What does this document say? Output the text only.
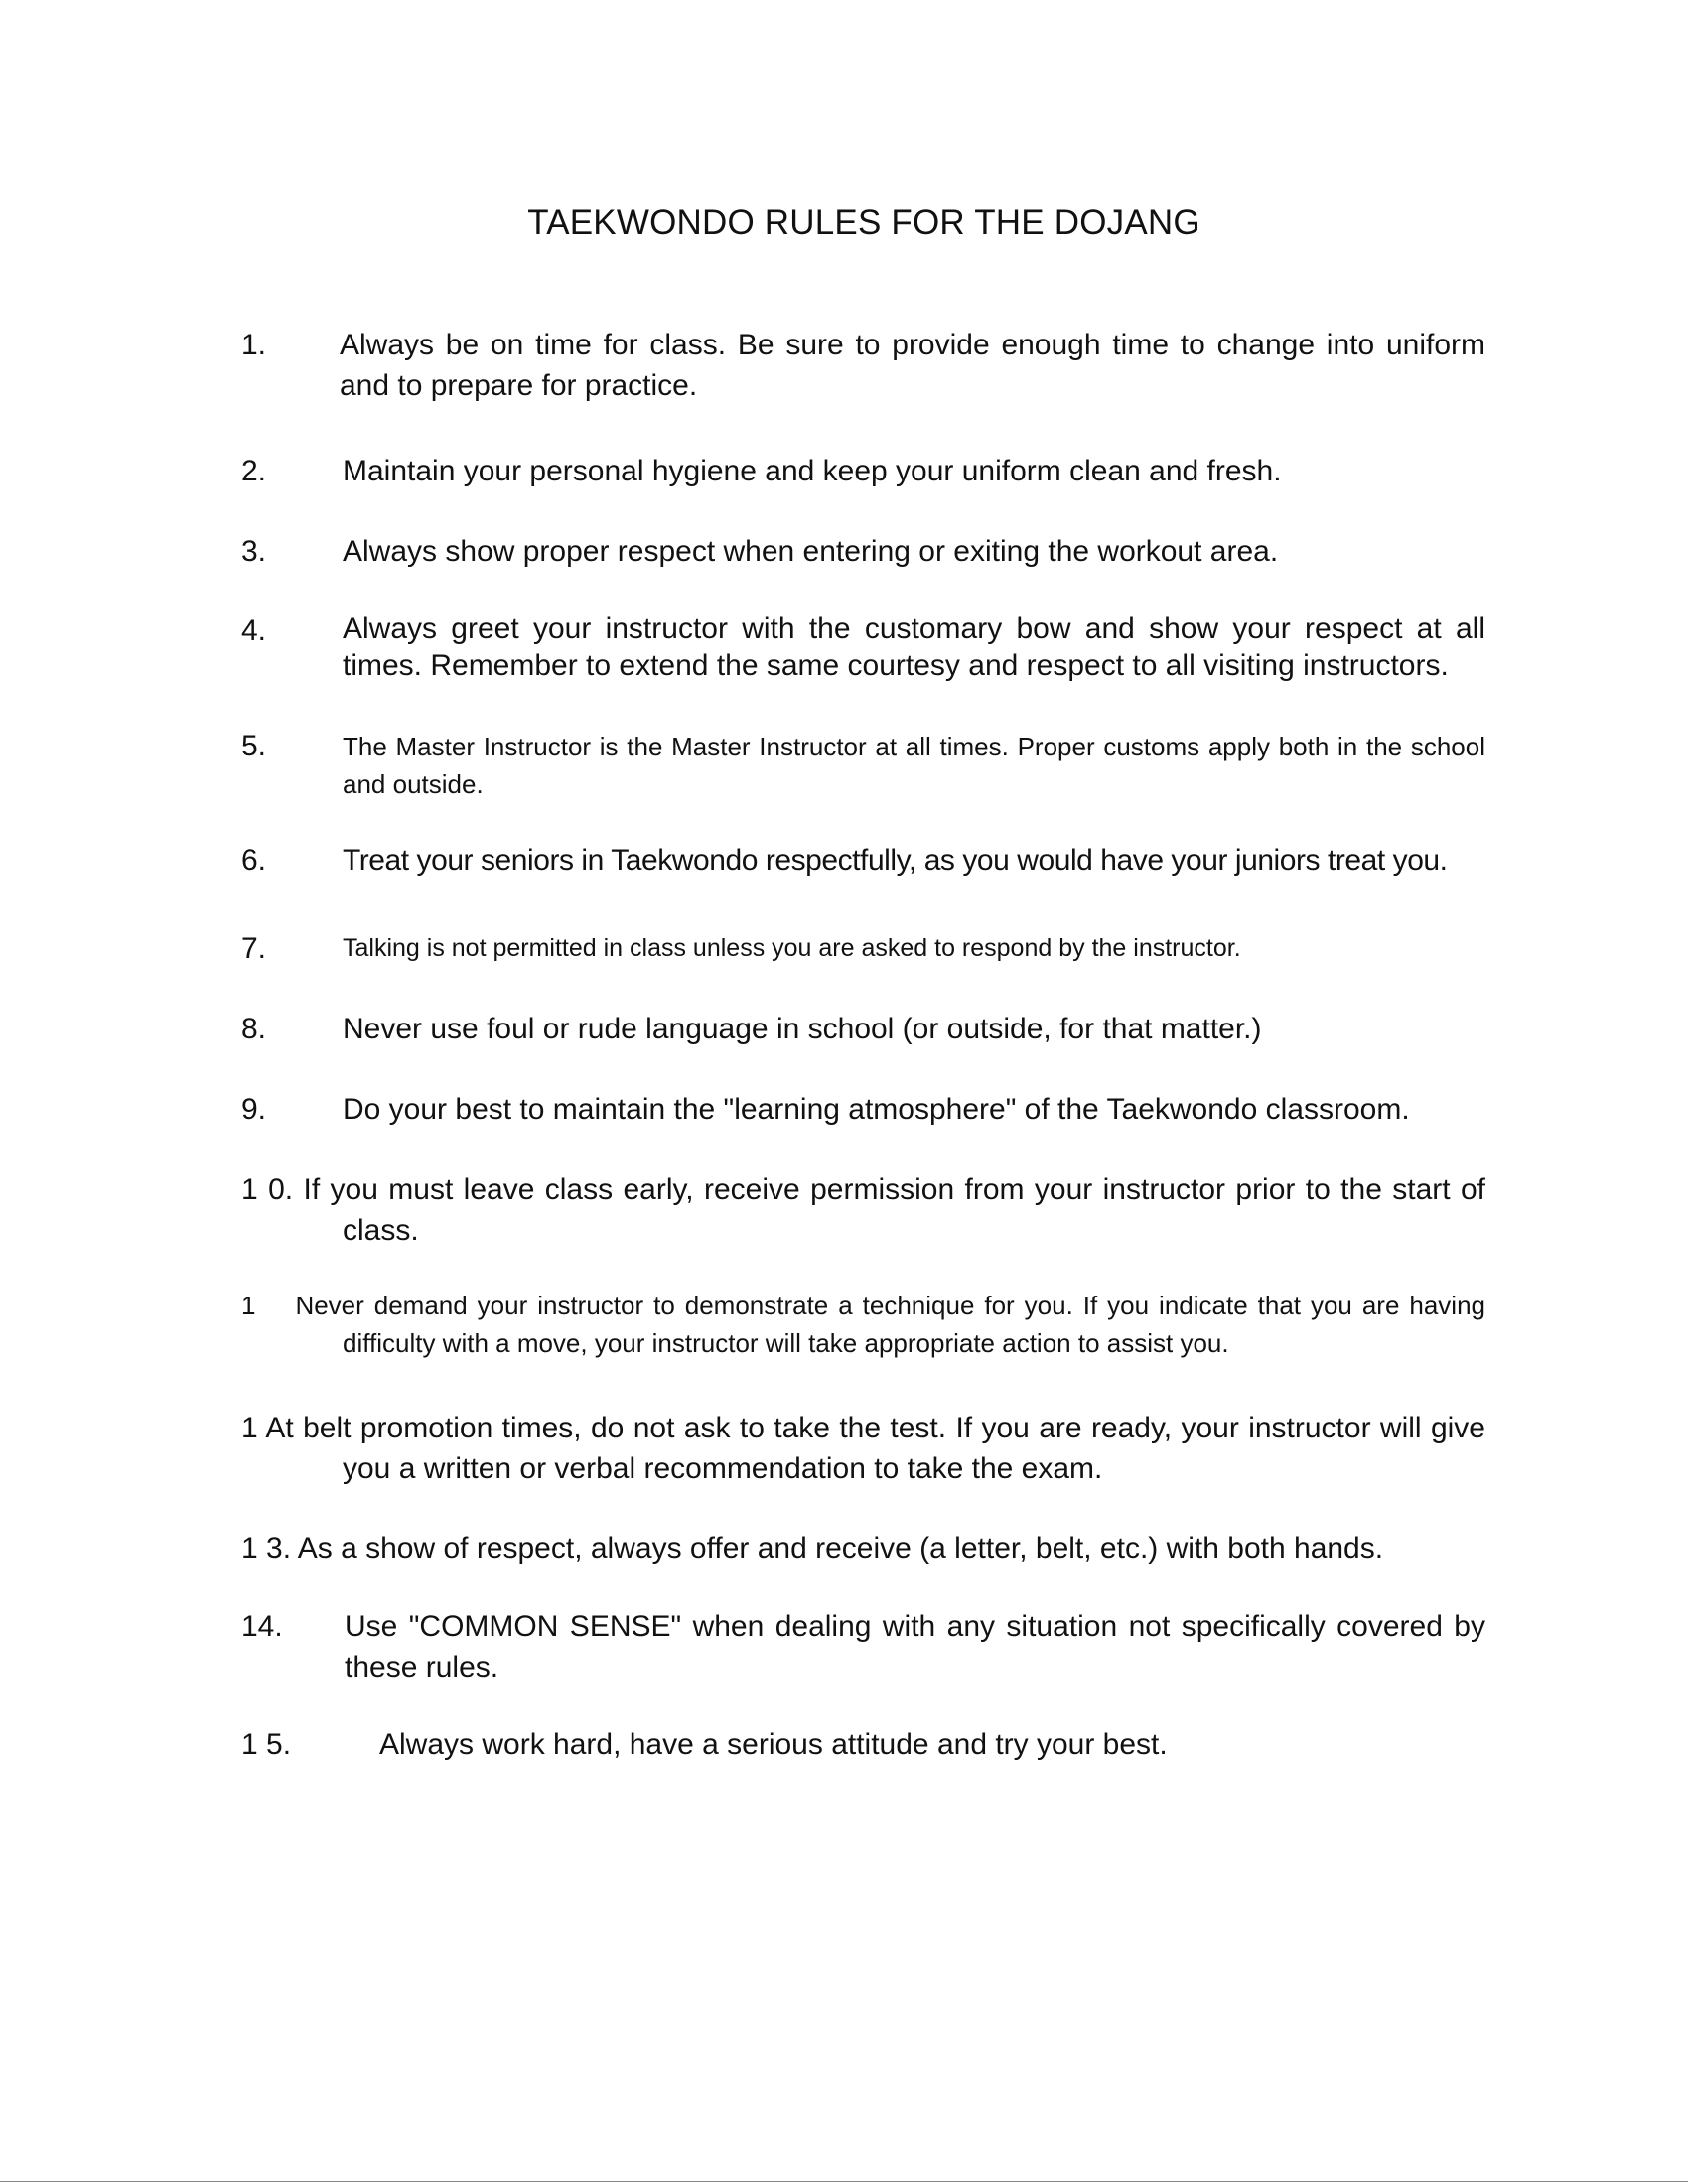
TAEKWONDO RULES FOR THE DOJANG
1.	Always be on time for class. Be sure to provide enough time to change into uniform and to prepare for practice.
2.	Maintain your personal hygiene and keep your uniform clean and fresh.
3.	Always show proper respect when entering or exiting the workout area.
4.	Always greet your instructor with the customary bow and show your respect at all times. Remember to extend the same courtesy and respect to all visiting instructors.
5.	The Master Instructor is the Master Instructor at all times. Proper customs apply both in the school and outside.
6.	Treat your seniors in Taekwondo respectfully, as you would have your juniors treat you.
7.	Talking is not permitted in class unless you are asked to respond by the instructor.
8.	Never use foul or rude language in school (or outside, for that matter.)
9.	Do your best to maintain the "learning atmosphere" of the Taekwondo classroom.
1 0. If you must leave class early, receive permission from your instructor prior to the start of class.
1 Never demand your instructor to demonstrate a technique for you. If you indicate that you are having difficulty with a move, your instructor will take appropriate action to assist you.
1 At belt promotion times, do not ask to take the test. If you are ready, your instructor will give you a written or verbal recommendation to take the exam.
1 3. As a show of respect, always offer and receive (a letter, belt, etc.) with both hands.
14.	Use "COMMON SENSE" when dealing with any situation not specifically covered by these rules.
1 5.	Always work hard, have a serious attitude and try your best.
